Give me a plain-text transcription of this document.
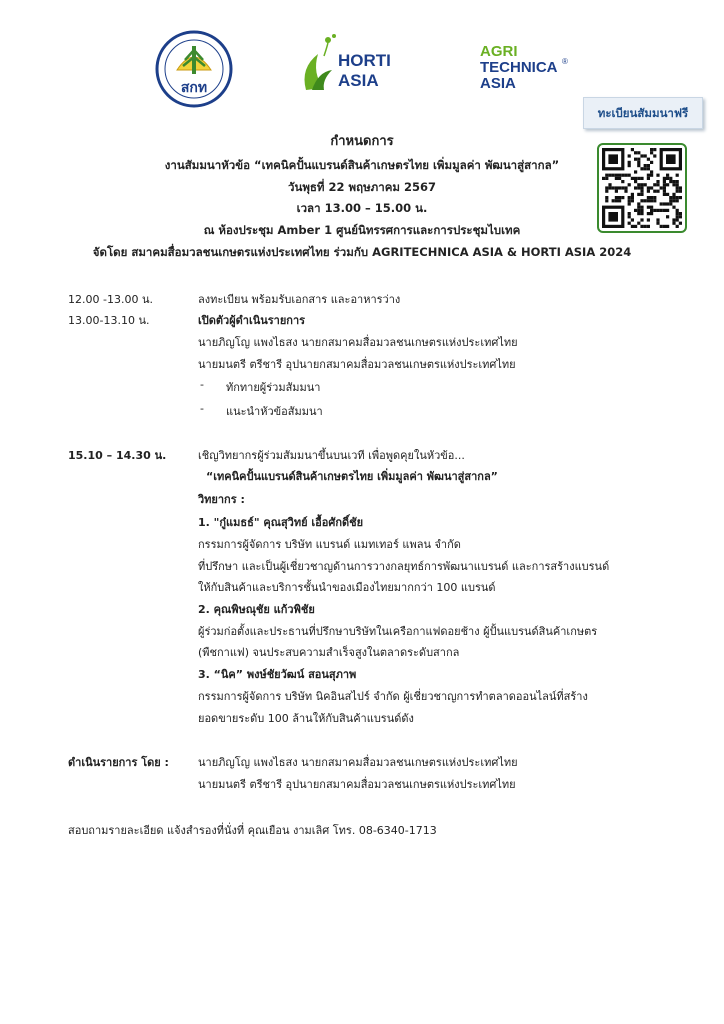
สกท
HORTI
ASIA
AGRI
TECHNICA ®
ASIA
ทะเบียนสัมมนาฟรี
กำหนดการ
งานสัมมนาหัวข้อ “เทคนิคปั้นแบรนด์สินค้าเกษตรไทย เพิ่มมูลค่า พัฒนาสู่สากล”
วันพุธที่ 22 พฤษภาคม 2567
เวลา 13.00 – 15.00 น.
ณ ห้องประชุม Amber 1 ศูนย์นิทรรศการและการประชุมไบเทค
จัดโดย สมาคมสื่อมวลชนเกษตรแห่งประเทศไทย ร่วมกับ AGRITECHNICA ASIA & HORTI ASIA 2024
12.00 -13.00 น.	ลงทะเบียน พร้อมรับเอกสาร และอาหารว่าง
13.00-13.10 น.	เปิดตัวผู้ดำเนินรายการ
นายภิญโญ แพงไธสง นายกสมาคมสื่อมวลชนเกษตรแห่งประเทศไทย
นายมนตรี ตรีชารี อุปนายกสมาคมสื่อมวลชนเกษตรแห่งประเทศไทย
- ทักทายผู้ร่วมสัมมนา
- แนะนำหัวข้อสัมมนา
15.10 – 14.30 น.	เชิญวิทยากรผู้ร่วมสัมมนาขึ้นบนเวที เพื่อพูดคุยในหัวข้อ...
“เทคนิคปั้นแบรนด์สินค้าเกษตรไทย เพิ่มมูลค่า พัฒนาสู่สากล”
วิทยากร :
1. "กู๋แมธธ์" คุณสุวิทย์ เอื้อศักดิ์ชัย
กรรมการผู้จัดการ บริษัท แบรนด์ แมทเทอร์ แพลน จำกัด
ที่ปรึกษา และเป็นผู้เชี่ยวชาญด้านการวางกลยุทธ์การพัฒนาแบรนด์ และการสร้างแบรนด์
ให้กับสินค้าและบริการชั้นนำของเมืองไทยมากกว่า 100 แบรนด์
2. คุณพิษณุชัย แก้วพิชัย
ผู้ร่วมก่อตั้งและประธานที่ปรึกษาบริษัทในเครือกาแฟดอยช้าง ผู้ปั้นแบรนด์สินค้าเกษตร
(พืชกาแฟ) จนประสบความสำเร็จสูงในตลาดระดับสากล
3. “นิค” พงษ์ชัยวัฒน์ สอนสุภาพ
กรรมการผู้จัดการ บริษัท นิคอินสไปร์ จำกัด ผู้เชี่ยวชาญการทำตลาดออนไลน์ที่สร้าง
ยอดขายระดับ 100 ล้านให้กับสินค้าแบรนด์ดัง
ดำเนินรายการ โดย :	นายภิญโญ แพงไธสง นายกสมาคมสื่อมวลชนเกษตรแห่งประเทศไทย
นายมนตรี ตรีชารี อุปนายกสมาคมสื่อมวลชนเกษตรแห่งประเทศไทย
สอบถามรายละเอียด แจ้งสำรองที่นั่งที่ คุณเยือน งามเลิศ โทร. 08-6340-1713
